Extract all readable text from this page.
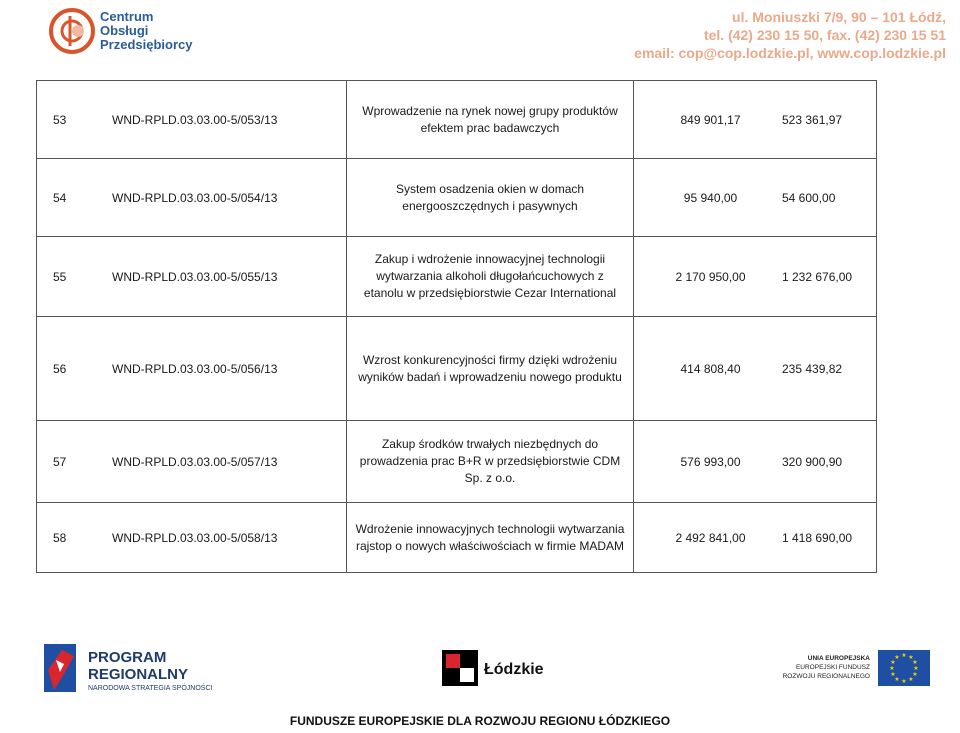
Centrum
Obsługi
Przedsiębiorcy
ul. Moniuszki 7/9, 90 – 101 Łódź,
tel. (42) 230 15 50, fax. (42) 230 15 51
email: cop@cop.lodzkie.pl, www.cop.lodzkie.pl
53	WND-RPLD.03.03.00-5/053/13	Wprowadzenie na rynek nowej grupy produktów efektem prac badawczych	849 901,17	523 361,97
54	WND-RPLD.03.03.00-5/054/13	System osadzenia okien w domach energooszczędnych i pasywnych	95 940,00	54 600,00
55	WND-RPLD.03.03.00-5/055/13	Zakup i wdrożenie innowacyjnej technologii wytwarzania alkoholi długołańcuchowych z etanolu w przedsiębiorstwie Cezar International	2 170 950,00	1 232 676,00
56	WND-RPLD.03.03.00-5/056/13	Wzrost konkurencyjności firmy dzięki wdrożeniu wyników badań i wprowadzeniu nowego produktu	414 808,40	235 439,82
57	WND-RPLD.03.03.00-5/057/13	Zakup środków trwałych niezbędnych do prowadzenia prac B+R w przedsiębiorstwie CDM Sp. z o.o.	576 993,00	320 900,90
58	WND-RPLD.03.03.00-5/058/13	Wdrożenie innowacyjnych technologii wytwarzania rajstop o nowych właściwościach w firmie MADAM	2 492 841,00	1 418 690,00
PROGRAM
REGIONALNY
NARODOWA STRATEGIA SPÓJNOŚCI
Łódzkie
UNIA EUROPEJSKA
EUROPEJSKI FUNDUSZ
ROZWOJU REGIONALNEGO
★ ★
★
★
★
★
★
★
★
★
★
★
FUNDUSZE EUROPEJSKIE DLA ROZWOJU REGIONU ŁÓDZKIEGO
